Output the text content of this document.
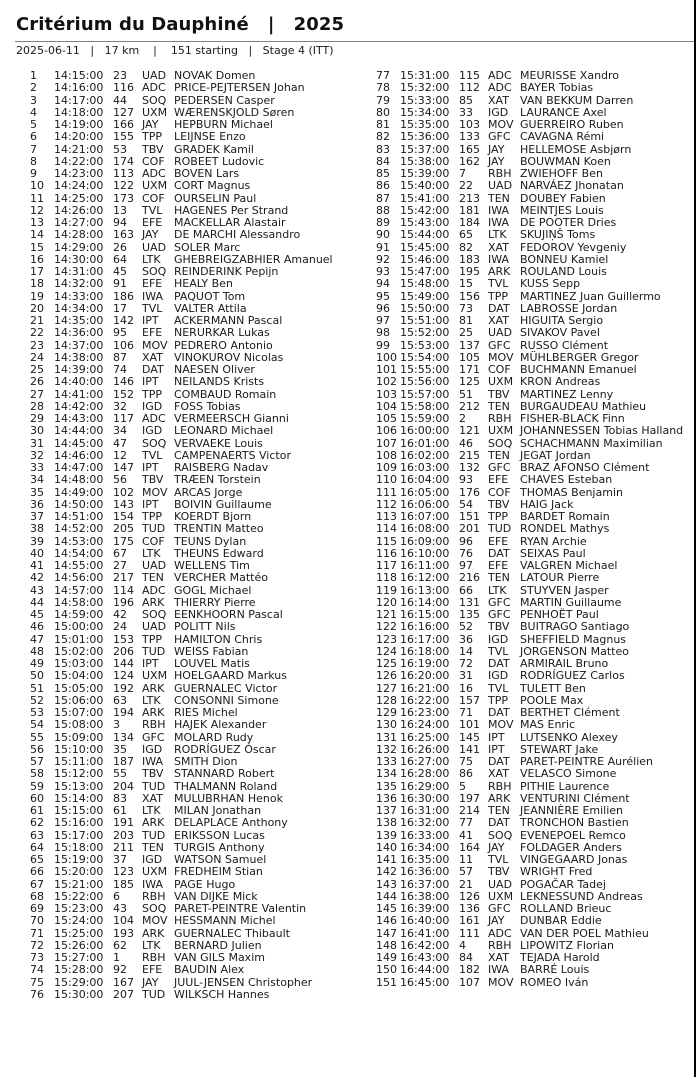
Critérium du Dauphiné   |   2025
2025-06-11   |   17 km    |    151 starting   |   Stage 4 (ITT)
1 14:15:00 23 UAD NOVAK Domen
2 14:16:00 116 ADC PRICE-PEJTERSEN Johan
3 14:17:00 44 SOQ PEDERSEN Casper
4 14:18:00 127 UXM WÆRENSKJOLD Søren
5 14:19:00 166 JAY HEPBURN Michael
6 14:20:00 155 TPP LEIJNSE Enzo
7 14:21:00 53 TBV GRADEK Kamil
8 14:22:00 174 COF ROBEET Ludovic
9 14:23:00 113 ADC BOVEN Lars
10 14:24:00 122 UXM CORT Magnus
11 14:25:00 173 COF OURSELIN Paul
12 14:26:00 13 TVL HAGENES Per Strand
13 14:27:00 94 EFE MACKELLAR Alastair
14 14:28:00 163 JAY DE MARCHI Alessandro
15 14:29:00 26 UAD SOLER Marc
16 14:30:00 64 LTK GHEBREIGZABHIER Amanuel
17 14:31:00 45 SOQ REINDERINK Pepijn
18 14:32:00 91 EFE HEALY Ben
19 14:33:00 186 IWA PAQUOT Tom
20 14:34:00 17 TVL VALTER Attila
21 14:35:00 142 IPT ACKERMANN Pascal
22 14:36:00 95 EFE NERURKAR Lukas
23 14:37:00 106 MOV PEDRERO Antonio
24 14:38:00 87 XAT VINOKUROV Nicolas
25 14:39:00 74 DAT NAESEN Oliver
26 14:40:00 146 IPT NEILANDS Krists
27 14:41:00 152 TPP COMBAUD Romain
28 14:42:00 32 IGD FOSS Tobias
29 14:43:00 117 ADC VERMEERSCH Gianni
30 14:44:00 34 IGD LEONARD Michael
31 14:45:00 47 SOQ VERVAEKE Louis
32 14:46:00 12 TVL CAMPENAERTS Victor
33 14:47:00 147 IPT RAISBERG Nadav
34 14:48:00 56 TBV TRÆEN Torstein
35 14:49:00 102 MOV ARCAS Jorge
36 14:50:00 143 IPT BOIVIN Guillaume
37 14:51:00 154 TPP KOERDT Bjorn
38 14:52:00 205 TUD TRENTIN Matteo
39 14:53:00 175 COF TEUNS Dylan
40 14:54:00 67 LTK THEUNS Edward
41 14:55:00 27 UAD WELLENS Tim
42 14:56:00 217 TEN VERCHER Mattéo
43 14:57:00 114 ADC GOGL Michael
44 14:58:00 196 ARK THIERRY Pierre
45 14:59:00 42 SOQ EENKHOORN Pascal
46 15:00:00 24 UAD POLITT Nils
47 15:01:00 153 TPP HAMILTON Chris
48 15:02:00 206 TUD WEISS Fabian
49 15:03:00 144 IPT LOUVEL Matis
50 15:04:00 124 UXM HOELGAARD Markus
51 15:05:00 192 ARK GUERNALEC Victor
52 15:06:00 63 LTK CONSONNI Simone
53 15:07:00 194 ARK RIES Michel
54 15:08:00 3 RBH HAJEK Alexander
55 15:09:00 134 GFC MOLARD Rudy
56 15:10:00 35 IGD RODRÍGUEZ Óscar
57 15:11:00 187 IWA SMITH Dion
58 15:12:00 55 TBV STANNARD Robert
59 15:13:00 204 TUD THALMANN Roland
60 15:14:00 83 XAT MULUBRHAN Henok
61 15:15:00 61 LTK MILAN Jonathan
62 15:16:00 191 ARK DELAPLACE Anthony
63 15:17:00 203 TUD ERIKSSON Lucas
64 15:18:00 211 TEN TURGIS Anthony
65 15:19:00 37 IGD WATSON Samuel
66 15:20:00 123 UXM FREDHEIM Stian
67 15:21:00 185 IWA PAGE Hugo
68 15:22:00 6 RBH VAN DIJKE Mick
69 15:23:00 43 SOQ PARET-PEINTRE Valentin
70 15:24:00 104 MOV HESSMANN Michel
71 15:25:00 193 ARK GUERNALEC Thibault
72 15:26:00 62 LTK BERNARD Julien
73 15:27:00 1 RBH VAN GILS Maxim
74 15:28:00 92 EFE BAUDIN Alex
75 15:29:00 167 JAY JUUL-JENSEN Christopher
76 15:30:00 207 TUD WILKSCH Hannes
77 15:31:00 115 ADC MEURISSE Xandro
78 15:32:00 112 ADC BAYER Tobias
79 15:33:00 85 XAT VAN BEKKUM Darren
80 15:34:00 33 IGD LAURANCE Axel
81 15:35:00 103 MOV GUERREIRO Ruben
82 15:36:00 133 GFC CAVAGNA Rémi
83 15:37:00 165 JAY HELLEMOSE Asbjørn
84 15:38:00 162 JAY BOUWMAN Koen
85 15:39:00 7 RBH ZWIEHOFF Ben
86 15:40:00 22 UAD NARVÁEZ Jhonatan
87 15:41:00 213 TEN DOUBEY Fabien
88 15:42:00 181 IWA MEINTJES Louis
89 15:43:00 184 IWA DE POOTER Dries
90 15:44:00 65 LTK SKUJIŅŠ Toms
91 15:45:00 82 XAT FEDOROV Yevgeniy
92 15:46:00 183 IWA BONNEU Kamiel
93 15:47:00 195 ARK ROULAND Louis
94 15:48:00 15 TVL KUSS Sepp
95 15:49:00 156 TPP MARTINEZ Juan Guillermo
96 15:50:00 73 DAT LABROSSE Jordan
97 15:51:00 81 XAT HIGUITA Sergio
98 15:52:00 25 UAD SIVAKOV Pavel
99 15:53:00 137 GFC RUSSO Clément
100 15:54:00 105 MOV MÜHLBERGER Gregor
101 15:55:00 171 COF BUCHMANN Emanuel
102 15:56:00 125 UXM KRON Andreas
103 15:57:00 51 TBV MARTINEZ Lenny
104 15:58:00 212 TEN BURGAUDEAU Mathieu
105 15:59:00 2 RBH FISHER-BLACK Finn
106 16:00:00 121 UXM JOHANNESSEN Tobias Halland
107 16:01:00 46 SOQ SCHACHMANN Maximilian
108 16:02:00 215 TEN JEGAT Jordan
109 16:03:00 132 GFC BRAZ AFONSO Clément
110 16:04:00 93 EFE CHAVES Esteban
111 16:05:00 176 COF THOMAS Benjamin
112 16:06:00 54 TBV HAIG Jack
113 16:07:00 151 TPP BARDET Romain
114 16:08:00 201 TUD RONDEL Mathys
115 16:09:00 96 EFE RYAN Archie
116 16:10:00 76 DAT SEIXAS Paul
117 16:11:00 97 EFE VALGREN Michael
118 16:12:00 216 TEN LATOUR Pierre
119 16:13:00 66 LTK STUYVEN Jasper
120 16:14:00 131 GFC MARTIN Guillaume
121 16:15:00 135 GFC PENHOËT Paul
122 16:16:00 52 TBV BUITRAGO Santiago
123 16:17:00 36 IGD SHEFFIELD Magnus
124 16:18:00 14 TVL JORGENSON Matteo
125 16:19:00 72 DAT ARMIRAIL Bruno
126 16:20:00 31 IGD RODRÍGUEZ Carlos
127 16:21:00 16 TVL TULETT Ben
128 16:22:00 157 TPP POOLE Max
129 16:23:00 71 DAT BERTHET Clément
130 16:24:00 101 MOV MAS Enric
131 16:25:00 145 IPT LUTSENKO Alexey
132 16:26:00 141 IPT STEWART Jake
133 16:27:00 75 DAT PARET-PEINTRE Aurélien
134 16:28:00 86 XAT VELASCO Simone
135 16:29:00 5 RBH PITHIE Laurence
136 16:30:00 197 ARK VENTURINI Clément
137 16:31:00 214 TEN JEANNIÈRE Emilien
138 16:32:00 77 DAT TRONCHON Bastien
139 16:33:00 41 SOQ EVENEPOEL Remco
140 16:34:00 164 JAY FOLDAGER Anders
141 16:35:00 11 TVL VINGEGAARD Jonas
142 16:36:00 57 TBV WRIGHT Fred
143 16:37:00 21 UAD POGAČAR Tadej
144 16:38:00 126 UXM LEKNESSUND Andreas
145 16:39:00 136 GFC ROLLAND Brieuc
146 16:40:00 161 JAY DUNBAR Eddie
147 16:41:00 111 ADC VAN DER POEL Mathieu
148 16:42:00 4 RBH LIPOWITZ Florian
149 16:43:00 84 XAT TEJADA Harold
150 16:44:00 182 IWA BARRÉ Louis
151 16:45:00 107 MOV ROMEO Iván
